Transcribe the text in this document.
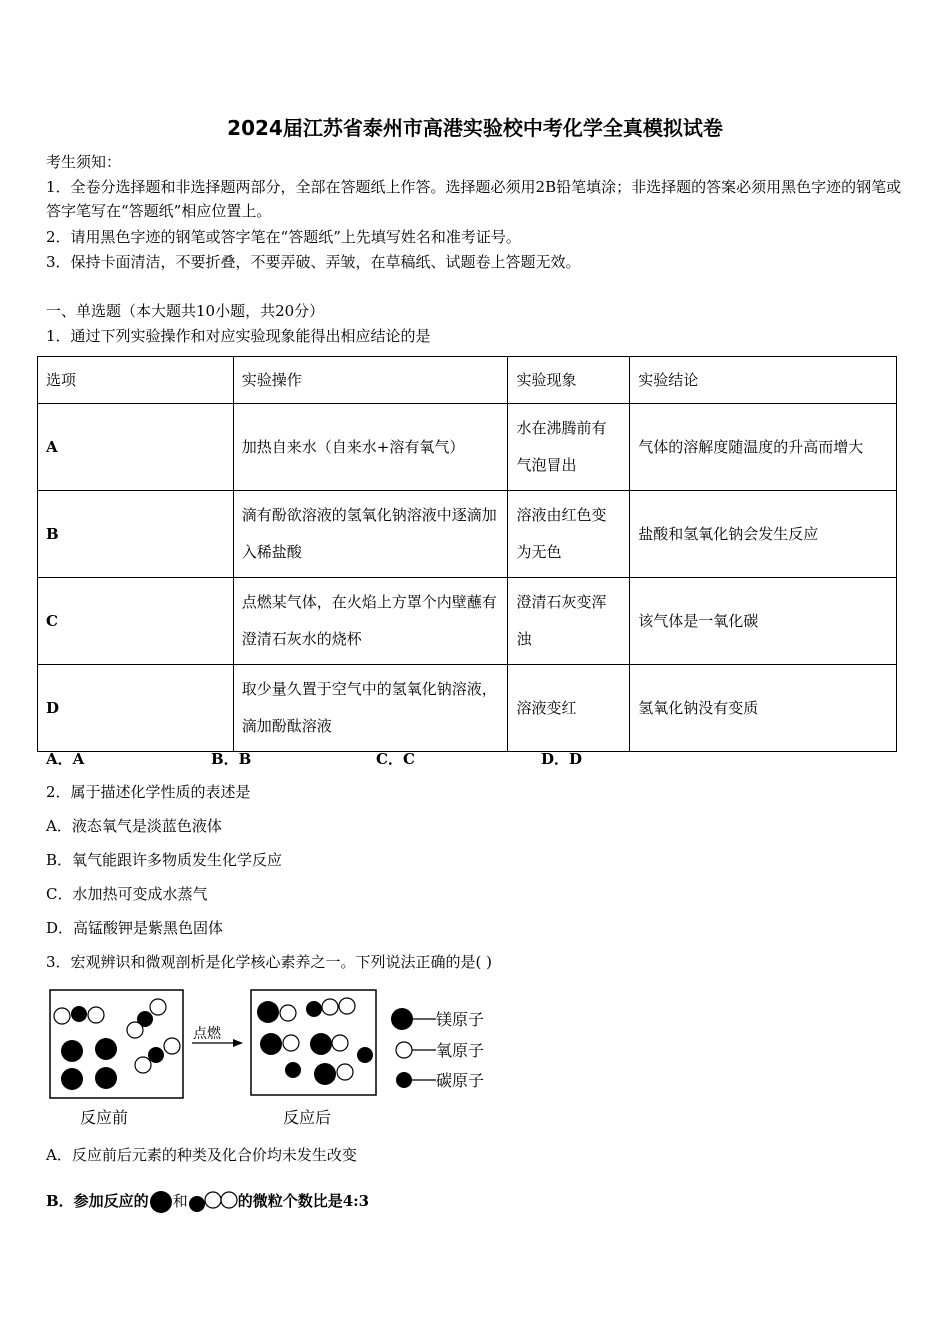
2024届江苏省泰州市高港实验校中考化学全真模拟试卷
考生须知：
1．全卷分选择题和非选择题两部分，全部在答题纸上作答。选择题必须用2B铅笔填涂；非选择题的答案必须用黑色字迹的钢笔或答字笔写在“答题纸”相应位置上。
2．请用黑色字迹的钢笔或答字笔在“答题纸”上先填写姓名和准考证号。
3．保持卡面清洁，不要折叠，不要弄破、弄皱，在草稿纸、试题卷上答题无效。
一、单选题（本大题共10小题，共20分）
1．通过下列实验操作和对应实验现象能得出相应结论的是
选项	实验操作	实验现象	实验结论
A	加热自来水（自来水+溶有氧气）	水在沸腾前有气泡冒出	气体的溶解度随温度的升高而增大
B	滴有酚欲溶液的氢氧化钠溶液中逐滴加入稀盐酸	溶液由红色变为无色	盐酸和氢氧化钠会发生反应
C	点燃某气体，在火焰上方罩个内壁蘸有澄清石灰水的烧杯	澄清石灰变浑浊	该气体是一氧化碳
D	取少量久置于空气中的氢氧化钠溶液，滴加酚酞溶液	溶液变红	氢氧化钠没有变质
A．A	B．B	C．C	D．D
2．属于描述化学性质的表述是
A．液态氧气是淡蓝色液体
B．氧气能跟许多物质发生化学反应
C．水加热可变成水蒸气
D．高锰酸钾是紫黑色固体
3．宏观辨识和微观剖析是化学核心素养之一。下列说法正确的是( )
点燃
反应前	反应后
镁原子
氧原子
碳原子
A．反应前后元素的种类及化合价均未发生改变
B．参加反应的 和	的微粒个数比是4:3
